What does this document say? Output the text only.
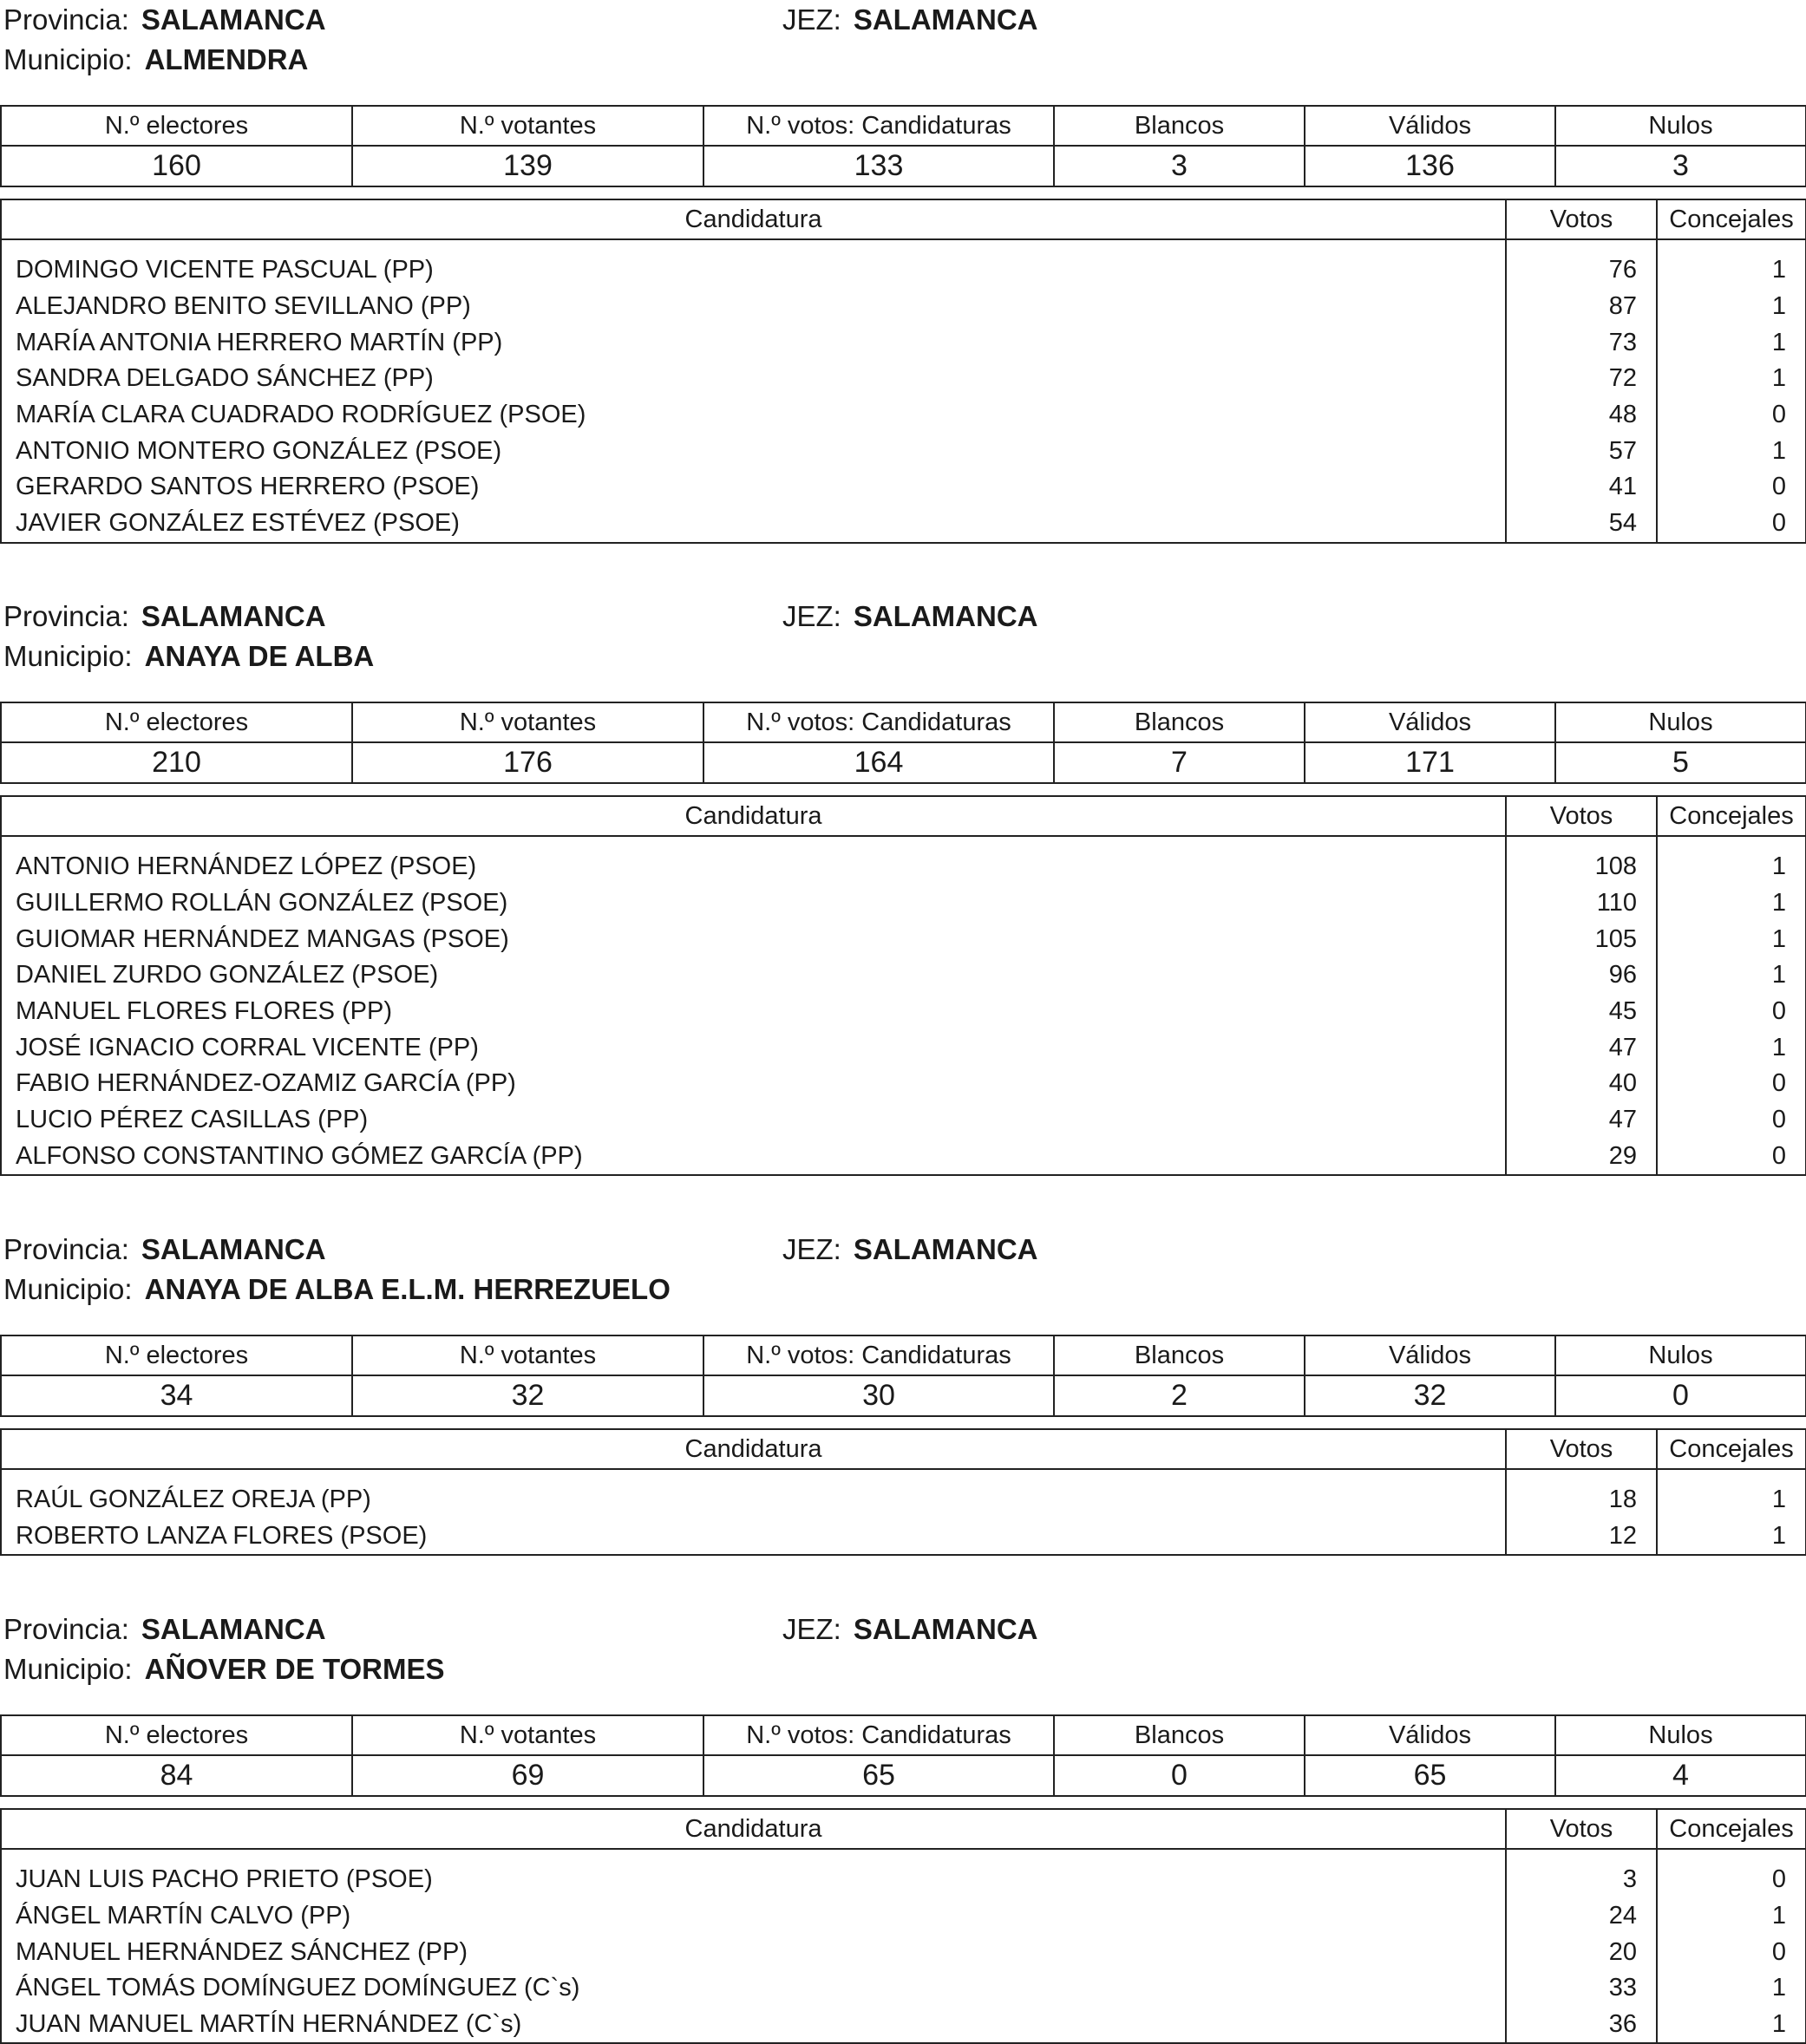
Provincia: SALAMANCA	JEZ: SALAMANCA
Municipio: ALMENDRA
N.º electores	N.º votantes	N.º votos: Candidaturas	Blancos	Válidos	Nulos
160	139	133	3	136	3
Candidatura	Votos	Concejales

DOMINGO VICENTE PASCUAL (PP)	76	1
ALEJANDRO BENITO SEVILLANO (PP)	87	1
MARÍA ANTONIA HERRERO MARTÍN (PP)	73	1
SANDRA DELGADO SÁNCHEZ (PP)	72	1
MARÍA CLARA CUADRADO RODRÍGUEZ (PSOE)	48	0
ANTONIO MONTERO GONZÁLEZ (PSOE)	57	1
GERARDO SANTOS HERRERO (PSOE)	41	0
JAVIER GONZÁLEZ ESTÉVEZ (PSOE)	54	0
Provincia: SALAMANCA	JEZ: SALAMANCA
Municipio: ANAYA DE ALBA
N.º electores	N.º votantes	N.º votos: Candidaturas	Blancos	Válidos	Nulos
210	176	164	7	171	5
Candidatura	Votos	Concejales

ANTONIO HERNÁNDEZ LÓPEZ (PSOE)	108	1
GUILLERMO ROLLÁN GONZÁLEZ (PSOE)	110	1
GUIOMAR HERNÁNDEZ MANGAS (PSOE)	105	1
DANIEL ZURDO GONZÁLEZ (PSOE)	96	1
MANUEL FLORES FLORES (PP)	45	0
JOSÉ IGNACIO CORRAL VICENTE (PP)	47	1
FABIO HERNÁNDEZ-OZAMIZ GARCÍA (PP)	40	0
LUCIO PÉREZ CASILLAS (PP)	47	0
ALFONSO CONSTANTINO GÓMEZ GARCÍA (PP)	29	0
Provincia: SALAMANCA	JEZ: SALAMANCA
Municipio: ANAYA DE ALBA E.L.M. HERREZUELO
N.º electores	N.º votantes	N.º votos: Candidaturas	Blancos	Válidos	Nulos
34	32	30	2	32	0
Candidatura	Votos	Concejales

RAÚL GONZÁLEZ OREJA (PP)	18	1
ROBERTO LANZA FLORES (PSOE)	12	1
Provincia: SALAMANCA	JEZ: SALAMANCA
Municipio: AÑOVER DE TORMES
N.º electores	N.º votantes	N.º votos: Candidaturas	Blancos	Válidos	Nulos
84	69	65	0	65	4
Candidatura	Votos	Concejales

JUAN LUIS PACHO PRIETO (PSOE)	3	0
ÁNGEL MARTÍN CALVO (PP)	24	1
MANUEL HERNÁNDEZ SÁNCHEZ (PP)	20	0
ÁNGEL TOMÁS DOMÍNGUEZ DOMÍNGUEZ (C`s)	33	1
JUAN MANUEL MARTÍN HERNÁNDEZ (C`s)	36	1
